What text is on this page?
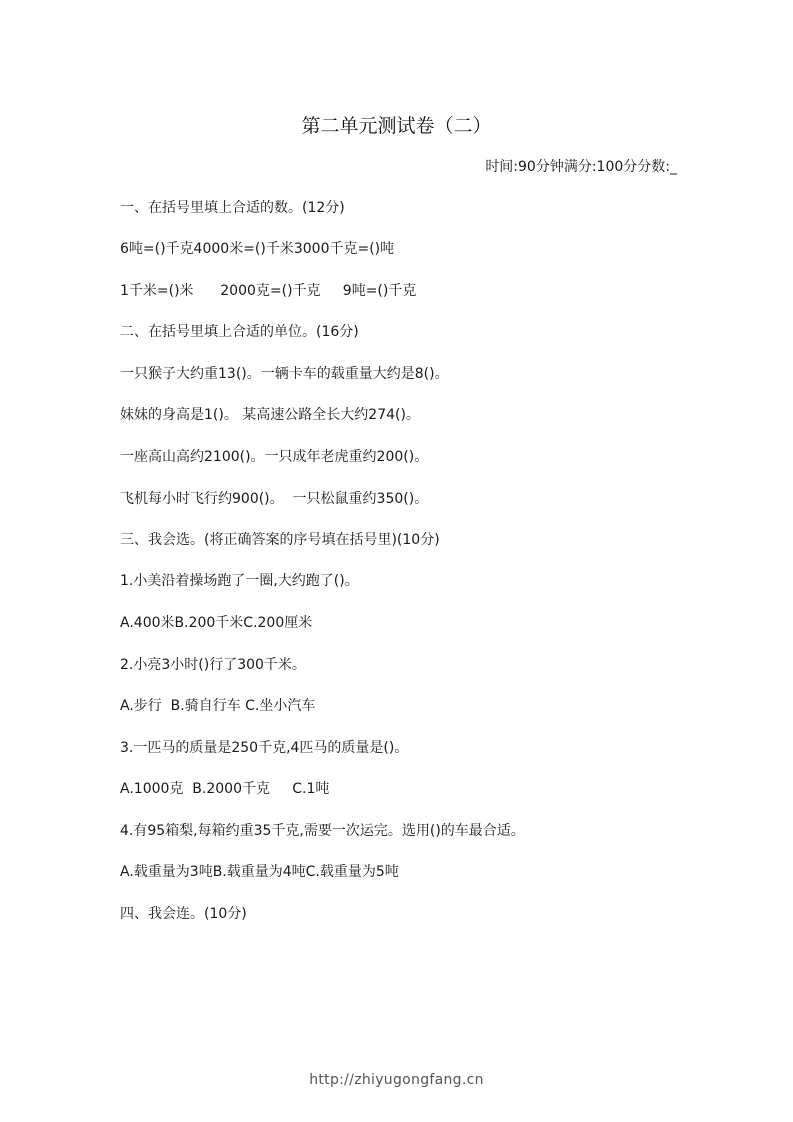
第二单元测试卷（二）
时间:90分钟满分:100分分数:_
一、在括号里填上合适的数。(12分)
6吨=()千克4000米=()千米3000千克=()吨
1千米=()米      2000克=()千克     9吨=()千克
二、在括号里填上合适的单位。(16分)
一只猴子大约重13()。一辆卡车的载重量大约是8()。
妹妹的身高是1()。 某高速公路全长大约274()。
一座高山高约2100()。一只成年老虎重约200()。
飞机每小时飞行约900()。  一只松鼠重约350()。
三、我会选。(将正确答案的序号填在括号里)(10分)
1.小美沿着操场跑了一圈,大约跑了()。
A.400米B.200千米C.200厘米
2.小亮3小时()行了300千米。
A.步行  B.骑自行车 C.坐小汽车
3.一匹马的质量是250千克,4匹马的质量是()。
A.1000克  B.2000千克     C.1吨
4.有95箱梨,每箱约重35千克,需要一次运完。选用()的车最合适。
A.载重量为3吨B.载重量为4吨C.载重量为5吨
四、我会连。(10分)
http://zhiyugongfang.cn
